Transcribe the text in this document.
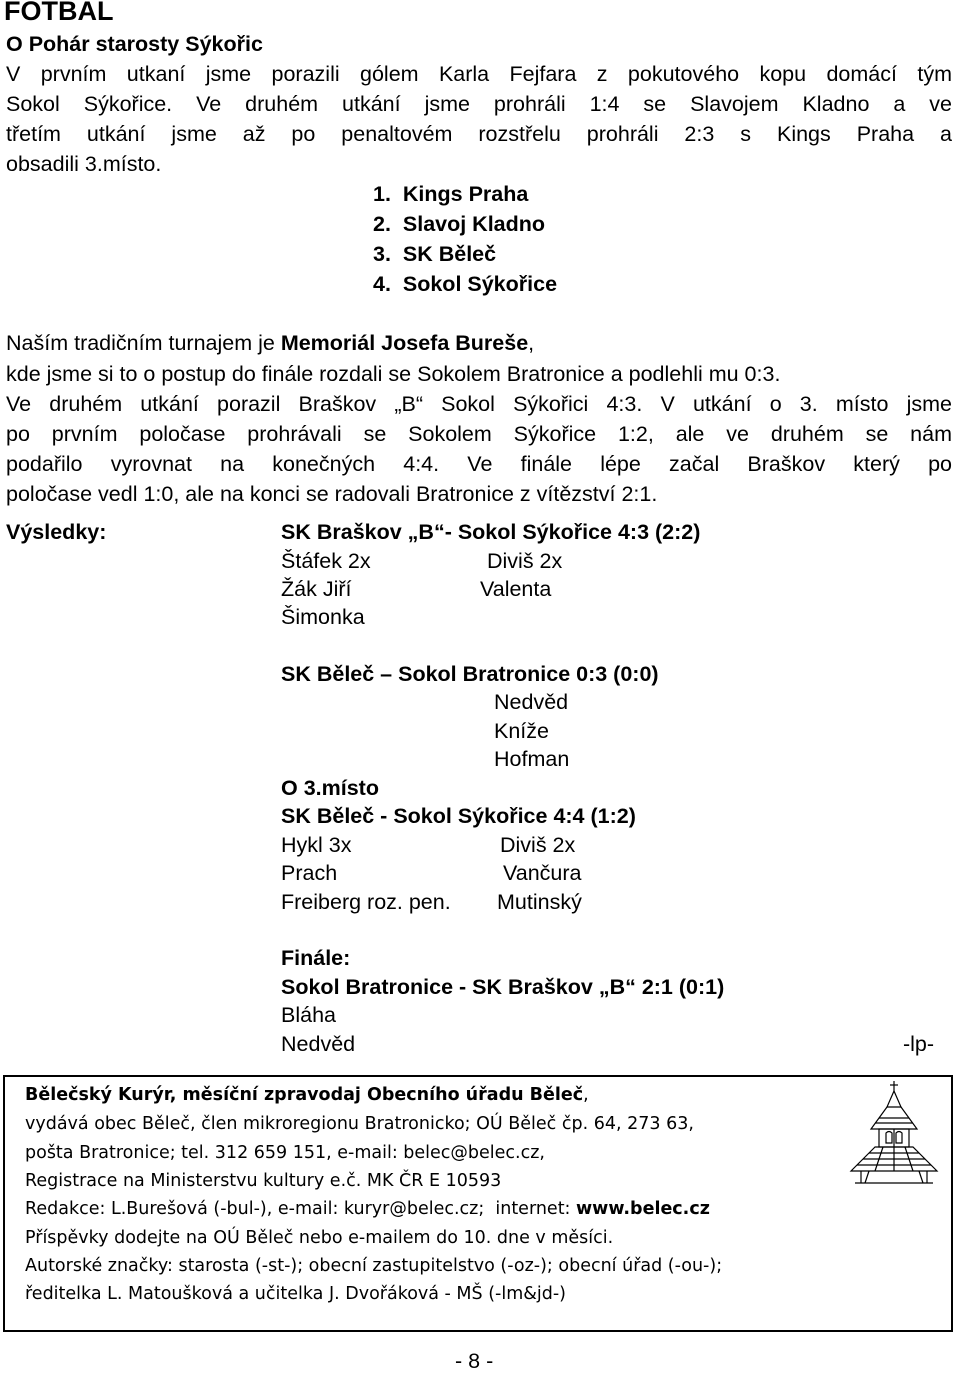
FOTBAL
O Pohár starosty Sýkořic
V prvním utkaní jsme porazili gólem Karla Fejfara z pokutového kopu domácí tým
Sokol Sýkořice. Ve druhém utkání jsme prohráli 1:4 se Slavojem Kladno a ve
třetím utkání jsme až po penaltovém rozstřelu prohráli 2:3 s Kings Praha a
obsadili 3.místo.
1.  Kings Praha
2.  Slavoj Kladno
3.  SK Běleč
4.  Sokol Sýkořice
Naším tradičním turnajem je Memoriál Josefa Bureše,
kde jsme si to o postup do finále rozdali se Sokolem Bratronice a podlehli mu 0:3.
Ve druhém utkání porazil Braškov „B“ Sokol Sýkořici 4:3. V utkání o 3. místo jsme
po prvním poločase prohrávali se Sokolem Sýkořice 1:2, ale ve druhém se nám
podařilo vyrovnat na konečných 4:4. Ve finále lépe začal Braškov který po
poločase vedl 1:0, ale na konci se radovali Bratronice z vítězství 2:1.
Výsledky:	SK Braškov „B“- Sokol Sýkořice 4:3 (2:2)
Štáfek 2x
Žák Jiří
Šimonka
Diviš 2x
Valenta
SK Běleč – Sokol Bratronice 0:3 (0:0)
Nedvěd
Kníže
Hofman
O 3.místo
SK Běleč - Sokol Sýkořice 4:4 (1:2)
Hykl 3x
Prach
Freiberg roz. pen.
Diviš 2x
Vančura
Mutinský
Finále:
Sokol Bratronice - SK Braškov „B“ 2:1 (0:1)
Bláha
Nedvěd	-lp-
Bělečský Kurýr, měsíční zpravodaj Obecního úřadu Běleč,
vydává obec Běleč, člen mikroregionu Bratronicko; OÚ Běleč čp. 64, 273 63,
pošta Bratronice; tel. 312 659 151, e-mail: belec@belec.cz,
Registrace na Ministerstvu kultury e.č. MK ČR E 10593
Redakce: L.Burešová (-bul-), e-mail: kuryr@belec.cz;  internet: www.belec.cz
Příspěvky dodejte na OÚ Běleč nebo e-mailem do 10. dne v měsíci.
Autorské značky: starosta (-st-); obecní zastupitelstvo (-oz-); obecní úřad (-ou-);
ředitelka L. Matoušková a učitelka J. Dvořáková - MŠ (-lm&jd-)
- 8 -
